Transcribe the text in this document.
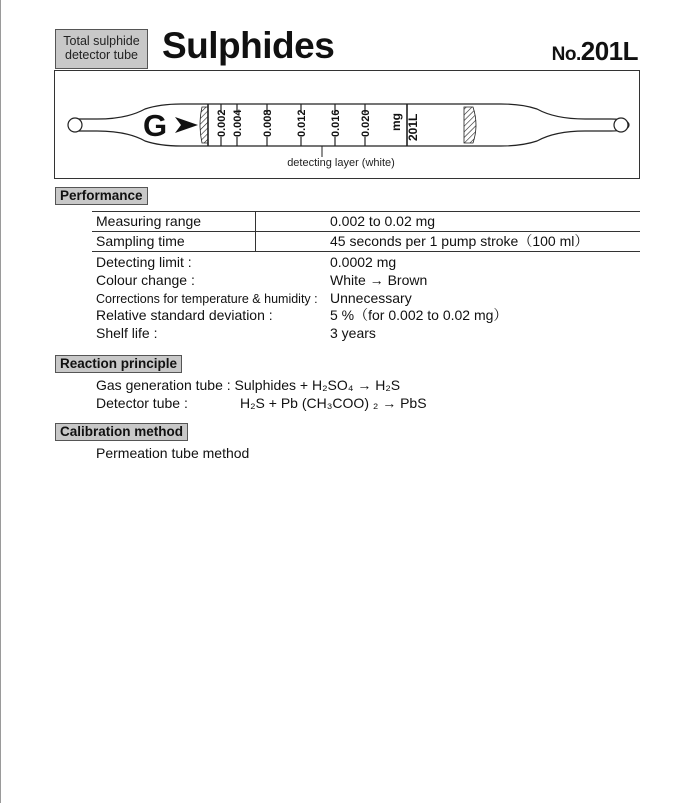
Total sulphide
detector tube Sulphides	No.201L
G	0.002 0.004 0.008 0.012 0.016 0.020 mg 201L
detecting layer (white)
Performance
Measuring range	0.002 to 0.02 mg
Sampling time	45 seconds per 1 pump stroke（100 ml）
Detecting limit :	0.0002 mg
Colour change :	White → Brown
Corrections for temperature & humidity : Unnecessary
Relative standard deviation :	5 %（for 0.002 to 0.02 mg）
Shelf life :	3 years
Reaction principle
Gas generation tube : Sulphides + H₂SO₄ → H₂S
Detector tube :	H₂S + Pb (CH₃COO) ₂ → PbS
Calibration method
Permeation tube method
